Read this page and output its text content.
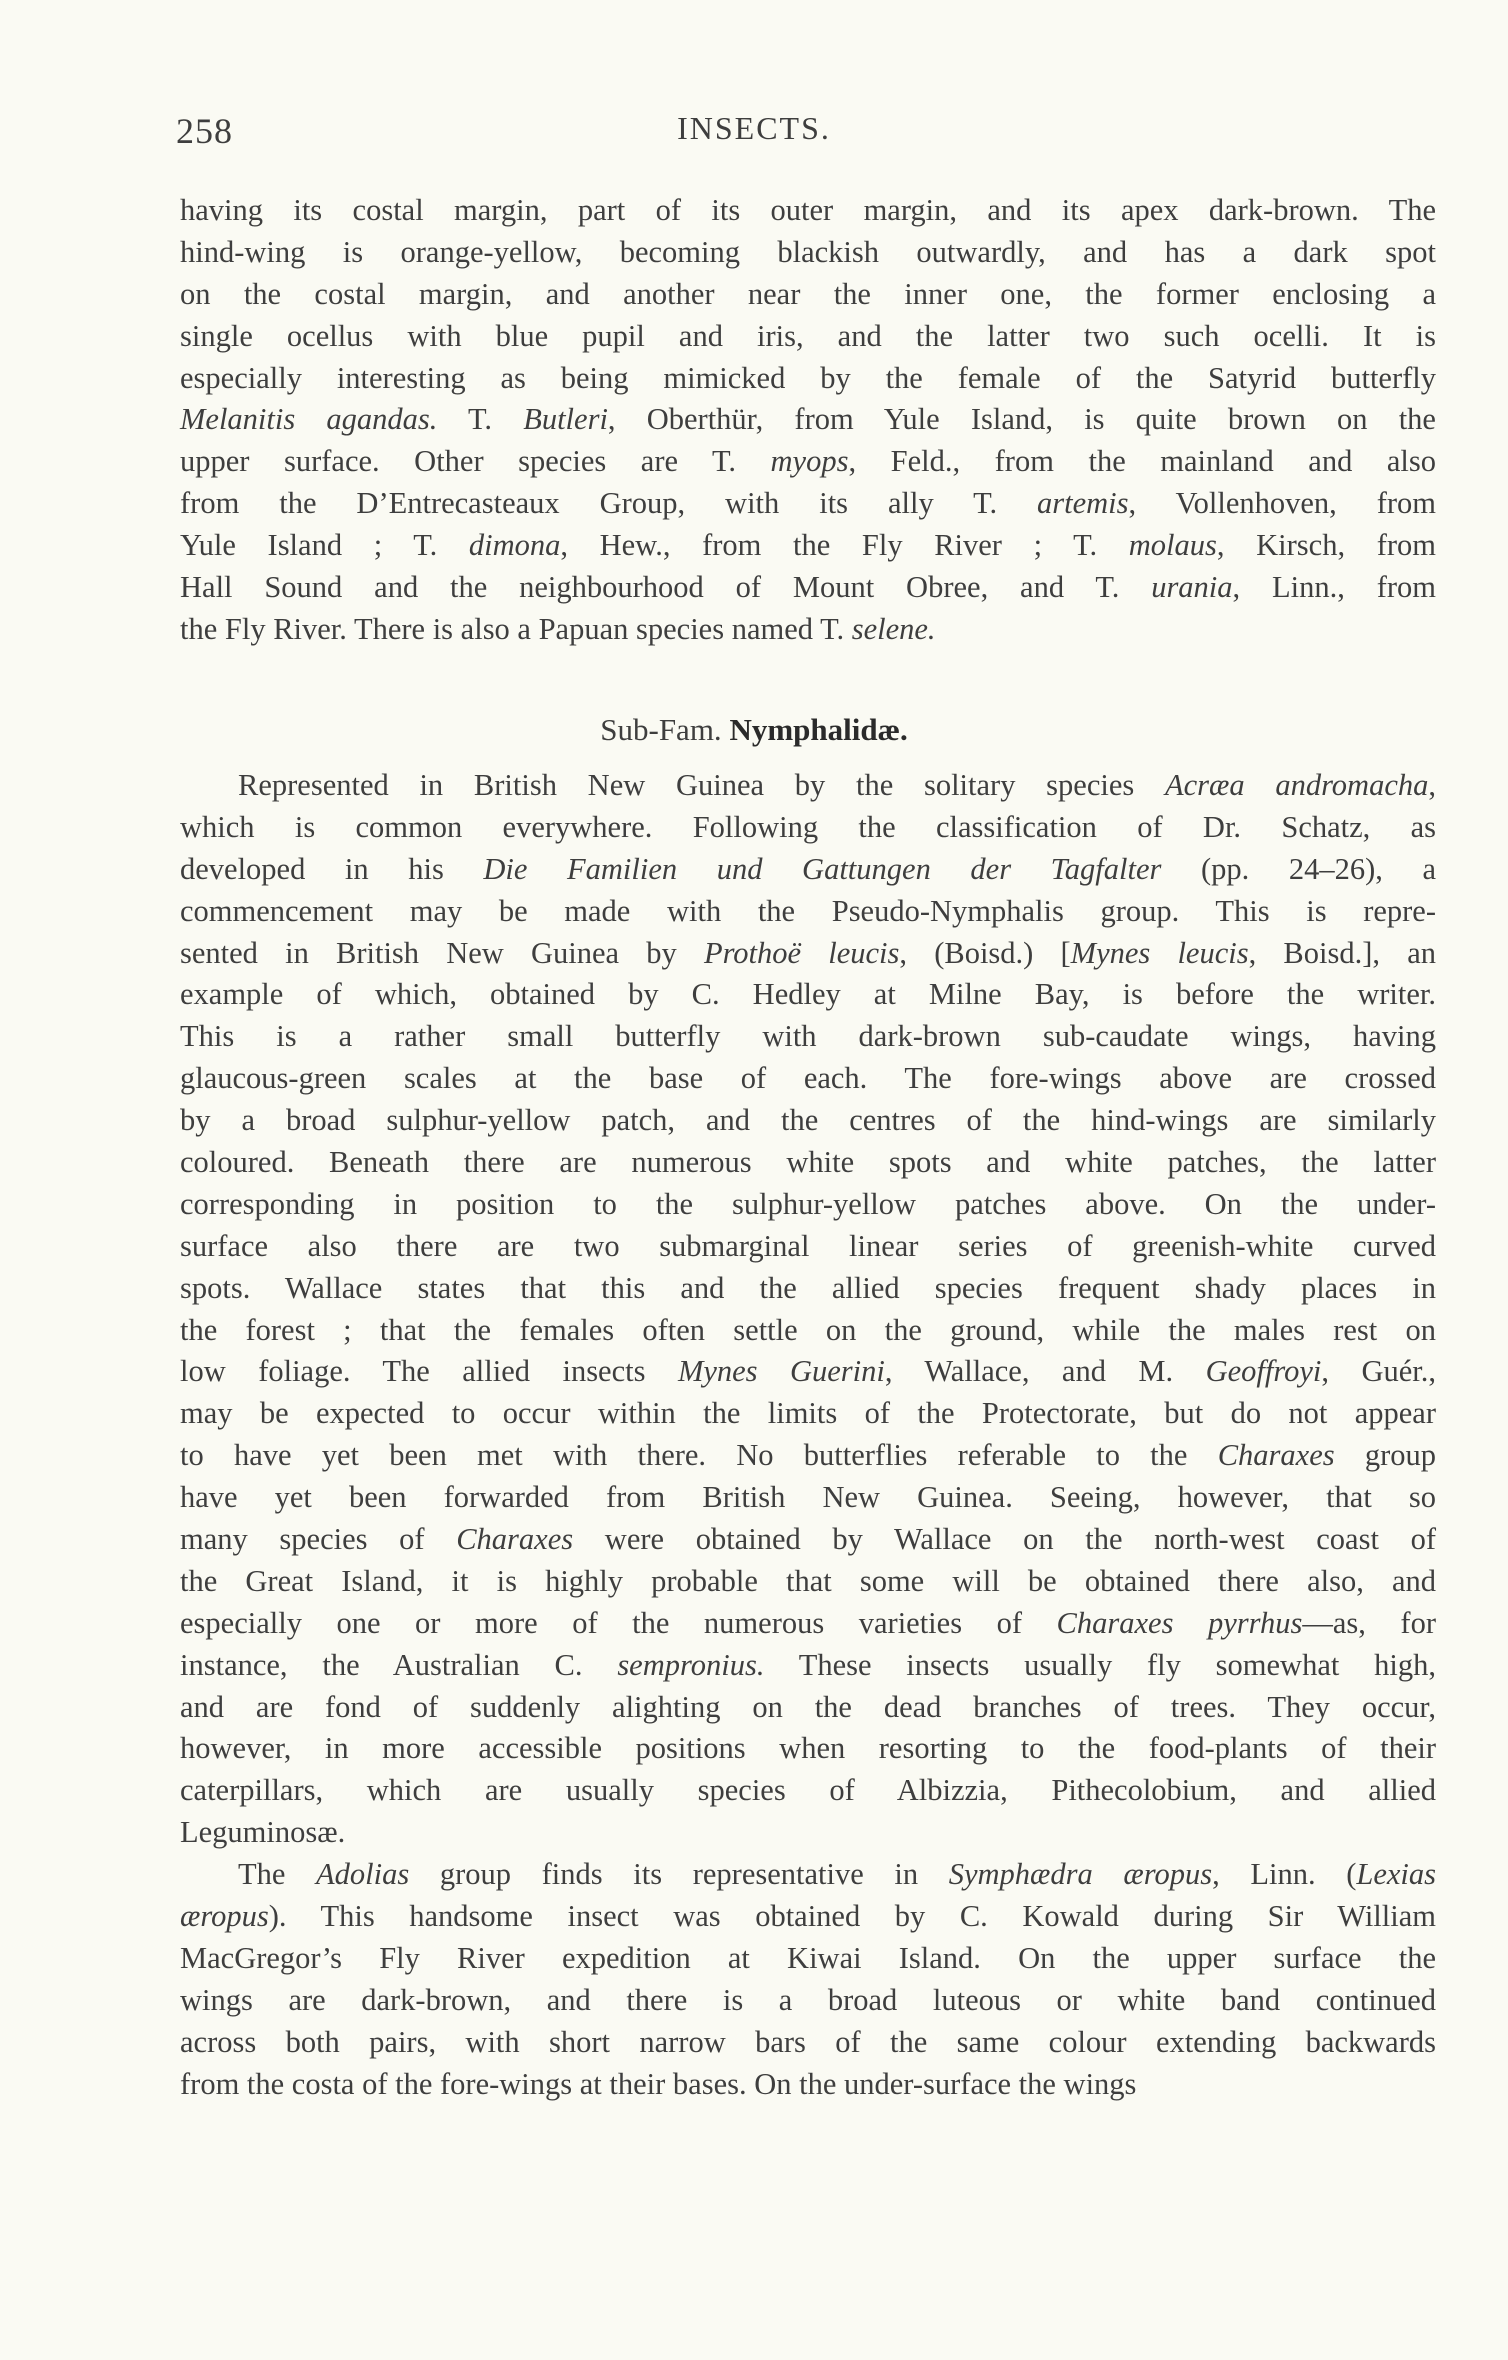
258	INSECTS.
having its costal margin, part of its outer margin, and its apex dark-brown. The
hind-wing is orange-yellow, becoming blackish outwardly, and has a dark spot
on the costal margin, and another near the inner one, the former enclosing a
single ocellus with blue pupil and iris, and the latter two such ocelli. It is
especially interesting as being mimicked by the female of the Satyrid butterfly
Melanitis agandas. T. Butleri, Oberthür, from Yule Island, is quite brown on the
upper surface. Other species are T. myops, Feld., from the mainland and also
from the D’Entrecasteaux Group, with its ally T. artemis, Vollenhoven, from
Yule Island ; T. dimona, Hew., from the Fly River ; T. molaus, Kirsch, from
Hall Sound and the neighbourhood of Mount Obree, and T. urania, Linn., from
the Fly River. There is also a Papuan species named T. selene.
Sub-Fam. Nymphalidæ.
Represented in British New Guinea by the solitary species Acræa andromacha,
which is common everywhere. Following the classification of Dr. Schatz, as
developed in his Die Familien und Gattungen der Tagfalter (pp. 24–26), a
commencement may be made with the Pseudo-Nymphalis group. This is repre-
sented in British New Guinea by Prothoë leucis, (Boisd.) [Mynes leucis, Boisd.], an
example of which, obtained by C. Hedley at Milne Bay, is before the writer.
This is a rather small butterfly with dark-brown sub-caudate wings, having
glaucous-green scales at the base of each. The fore-wings above are crossed
by a broad sulphur-yellow patch, and the centres of the hind-wings are similarly
coloured. Beneath there are numerous white spots and white patches, the latter
corresponding in position to the sulphur-yellow patches above. On the under-
surface also there are two submarginal linear series of greenish-white curved
spots. Wallace states that this and the allied species frequent shady places in
the forest ; that the females often settle on the ground, while the males rest on
low foliage. The allied insects Mynes Guerini, Wallace, and M. Geoffroyi, Guér.,
may be expected to occur within the limits of the Protectorate, but do not appear
to have yet been met with there. No butterflies referable to the Charaxes group
have yet been forwarded from British New Guinea. Seeing, however, that so
many species of Charaxes were obtained by Wallace on the north-west coast of
the Great Island, it is highly probable that some will be obtained there also, and
especially one or more of the numerous varieties of Charaxes pyrrhus—as, for
instance, the Australian C. sempronius. These insects usually fly somewhat high,
and are fond of suddenly alighting on the dead branches of trees. They occur,
however, in more accessible positions when resorting to the food-plants of their
caterpillars, which are usually species of Albizzia, Pithecolobium, and allied
Leguminosæ.
The Adolias group finds its representative in Symphædra æropus, Linn. (Lexias
æropus). This handsome insect was obtained by C. Kowald during Sir William
MacGregor’s Fly River expedition at Kiwai Island. On the upper surface the
wings are dark-brown, and there is a broad luteous or white band continued
across both pairs, with short narrow bars of the same colour extending backwards
from the costa of the fore-wings at their bases. On the under-surface the wings
